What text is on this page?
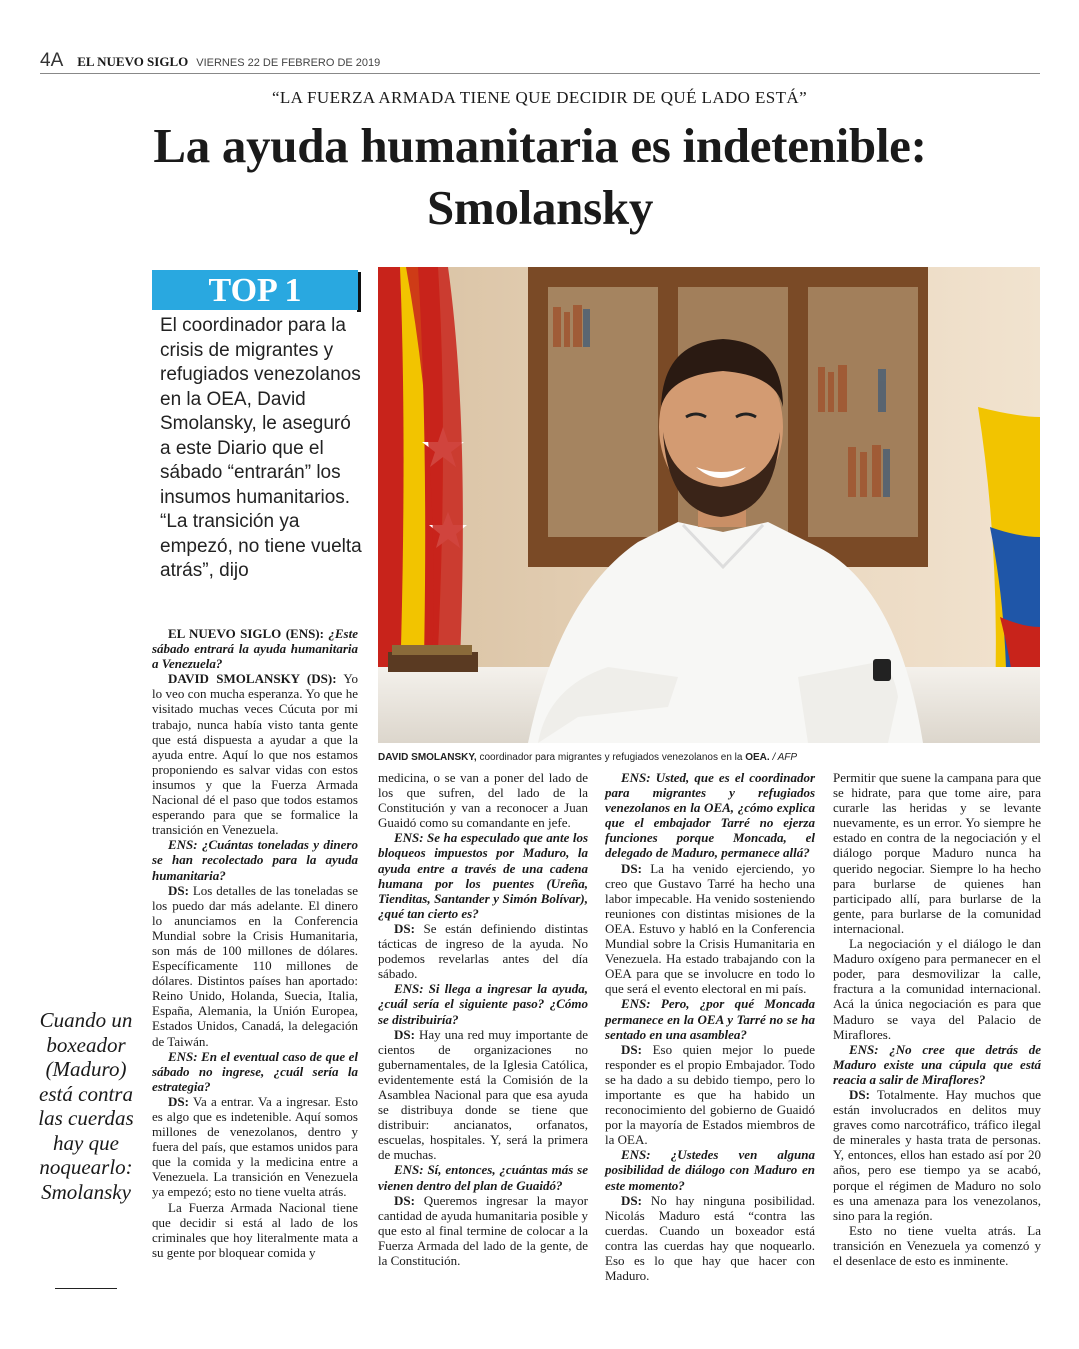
4A EL NUEVO SIGLO VIERNES 22 DE FEBRERO DE 2019
“LA FUERZA ARMADA TIENE QUE DECIDIR DE QUÉ LADO ESTÁ”
La ayuda humanitaria es indetenible:
Smolansky
TOP 1
El coordinador para la crisis de migrantes y refugiados venezolanos en la OEA, David Smolansky, le aseguró a este Diario que el sábado “entrarán” los insumos humanitarios. “La transición ya empezó, no tiene vuelta atrás”, dijo
DAVID SMOLANSKY, coordinador para migrantes y refugiados venezolanos en la OEA. / AFP
Cuando un boxeador (Maduro) está contra las cuerdas hay que noquearlo: Smolansky

EL NUEVO SIGLO (ENS): ¿Este sábado entrará la ayuda humanitaria a Venezuela?

DAVID SMOLANSKY (DS): Yo lo veo con mucha esperanza. Yo que he visitado muchas veces Cúcuta por mi trabajo, nunca había visto tanta gente que está dispuesta a ayudar a que la ayuda entre. Aquí lo que nos estamos proponiendo es salvar vidas con estos insumos y que la Fuerza Armada Nacional dé el paso que todos estamos esperando para que se formalice la transición en Venezuela.

ENS: ¿Cuántas toneladas y dinero se han recolectado para la ayuda humanitaria?

DS: Los detalles de las toneladas se los puedo dar más adelante. El dinero lo anunciamos en la Conferencia Mundial sobre la Crisis Humanitaria, son más de 100 millones de dólares. Específicamente 110 millones de dólares. Distintos países han aportado: Reino Unido, Holanda, Suecia, Italia, España, Alemania, la Unión Europea, Estados Unidos, Canadá, la delegación de Taiwán.

ENS: En el eventual caso de que el sábado no ingrese, ¿cuál sería la estrategia?

DS: Va a entrar. Va a ingresar. Esto es algo que es indetenible. Aquí somos millones de venezolanos, dentro y fuera del país, que estamos unidos para que la comida y la medicina entre a Venezuela. La transición en Venezuela ya empezó; esto no tiene vuelta atrás.

La Fuerza Armada Nacional tiene que decidir si está al lado de los criminales que hoy literalmente mata a su gente por bloquear comida y

medicina, o se van a poner del lado de los que sufren, del lado de la Constitución y van a reconocer a Juan Guaidó como su comandante en jefe.

ENS: Se ha especulado que ante los bloqueos impuestos por Maduro, la ayuda entre a través de una cadena humana por los puentes (Ureña, Tienditas, Santander y Simón Bolívar), ¿qué tan cierto es?

DS: Se están definiendo distintas tácticas de ingreso de la ayuda. No podemos revelarlas antes del día sábado.

ENS: Si llega a ingresar la ayuda, ¿cuál sería el siguiente paso? ¿Cómo se distribuiría?

DS: Hay una red muy importante de cientos de organizaciones no gubernamentales, de la Iglesia Católica, evidentemente está la Comisión de la Asamblea Nacional para que esa ayuda se distribuya donde se tiene que distribuir: ancianatos, orfanatos, escuelas, hospitales. Y, será la primera de muchas.

ENS: Sí, entonces, ¿cuántas más se vienen dentro del plan de Guaidó?

DS: Queremos ingresar la mayor cantidad de ayuda humanitaria posible y que esto al final termine de colocar a la Fuerza Armada del lado de la gente, de la Constitución.

ENS: Usted, que es el coordinador para migrantes y refugiados venezolanos en la OEA, ¿cómo explica que el embajador Tarré no ejerza funciones porque Moncada, el delegado de Maduro, permanece allá?

DS: La ha venido ejerciendo, yo creo que Gustavo Tarré ha hecho una labor impecable. Ha venido sosteniendo reuniones con distintas misiones de la OEA. Estuvo y habló en la Conferencia Mundial sobre la Crisis Humanitaria en Venezuela. Ha estado trabajando con la OEA para que se involucre en todo lo que será el evento electoral en mi país.

ENS: Pero, ¿por qué Moncada permanece en la OEA y Tarré no se ha sentado en una asamblea?

DS: Eso quien mejor lo puede responder es el propio Embajador. Todo se ha dado a su debido tiempo, pero lo importante es que ha habido un reconocimiento del gobierno de Guaidó por la mayoría de Estados miembros de la OEA.

ENS: ¿Ustedes ven alguna posibilidad de diálogo con Maduro en este momento?

DS: No hay ninguna posibilidad. Nicolás Maduro está “contra las cuerdas. Cuando un boxeador está contra las cuerdas hay que noquearlo. Eso es lo que hay que hacer con Maduro.

Permitir que suene la campana para que se hidrate, para que tome aire, para curarle las heridas y se levante nuevamente, es un error. Yo siempre he estado en contra de la negociación y el diálogo porque Maduro nunca ha querido negociar. Siempre lo ha hecho para burlarse de quienes han participado allí, para burlarse de la gente, para burlarse de la comunidad internacional.

La negociación y el diálogo le dan Maduro oxígeno para permanecer en el poder, para desmovilizar la calle, fractura a la comunidad internacional. Acá la única negociación es para que Maduro se vaya del Palacio de Miraflores.

ENS: ¿No cree que detrás de Maduro existe una cúpula que está reacia a salir de Miraflores?

DS: Totalmente. Hay muchos que están involucrados en delitos muy graves como narcotráfico, tráfico ilegal de minerales y hasta trata de personas. Y, entonces, ellos han estado así por 20 años, pero ese tiempo ya se acabó, porque el régimen de Maduro no solo es una amenaza para los venezolanos, sino para la región.

Esto no tiene vuelta atrás. La transición en Venezuela ya comenzó y el desenlace de esto es inminente.
